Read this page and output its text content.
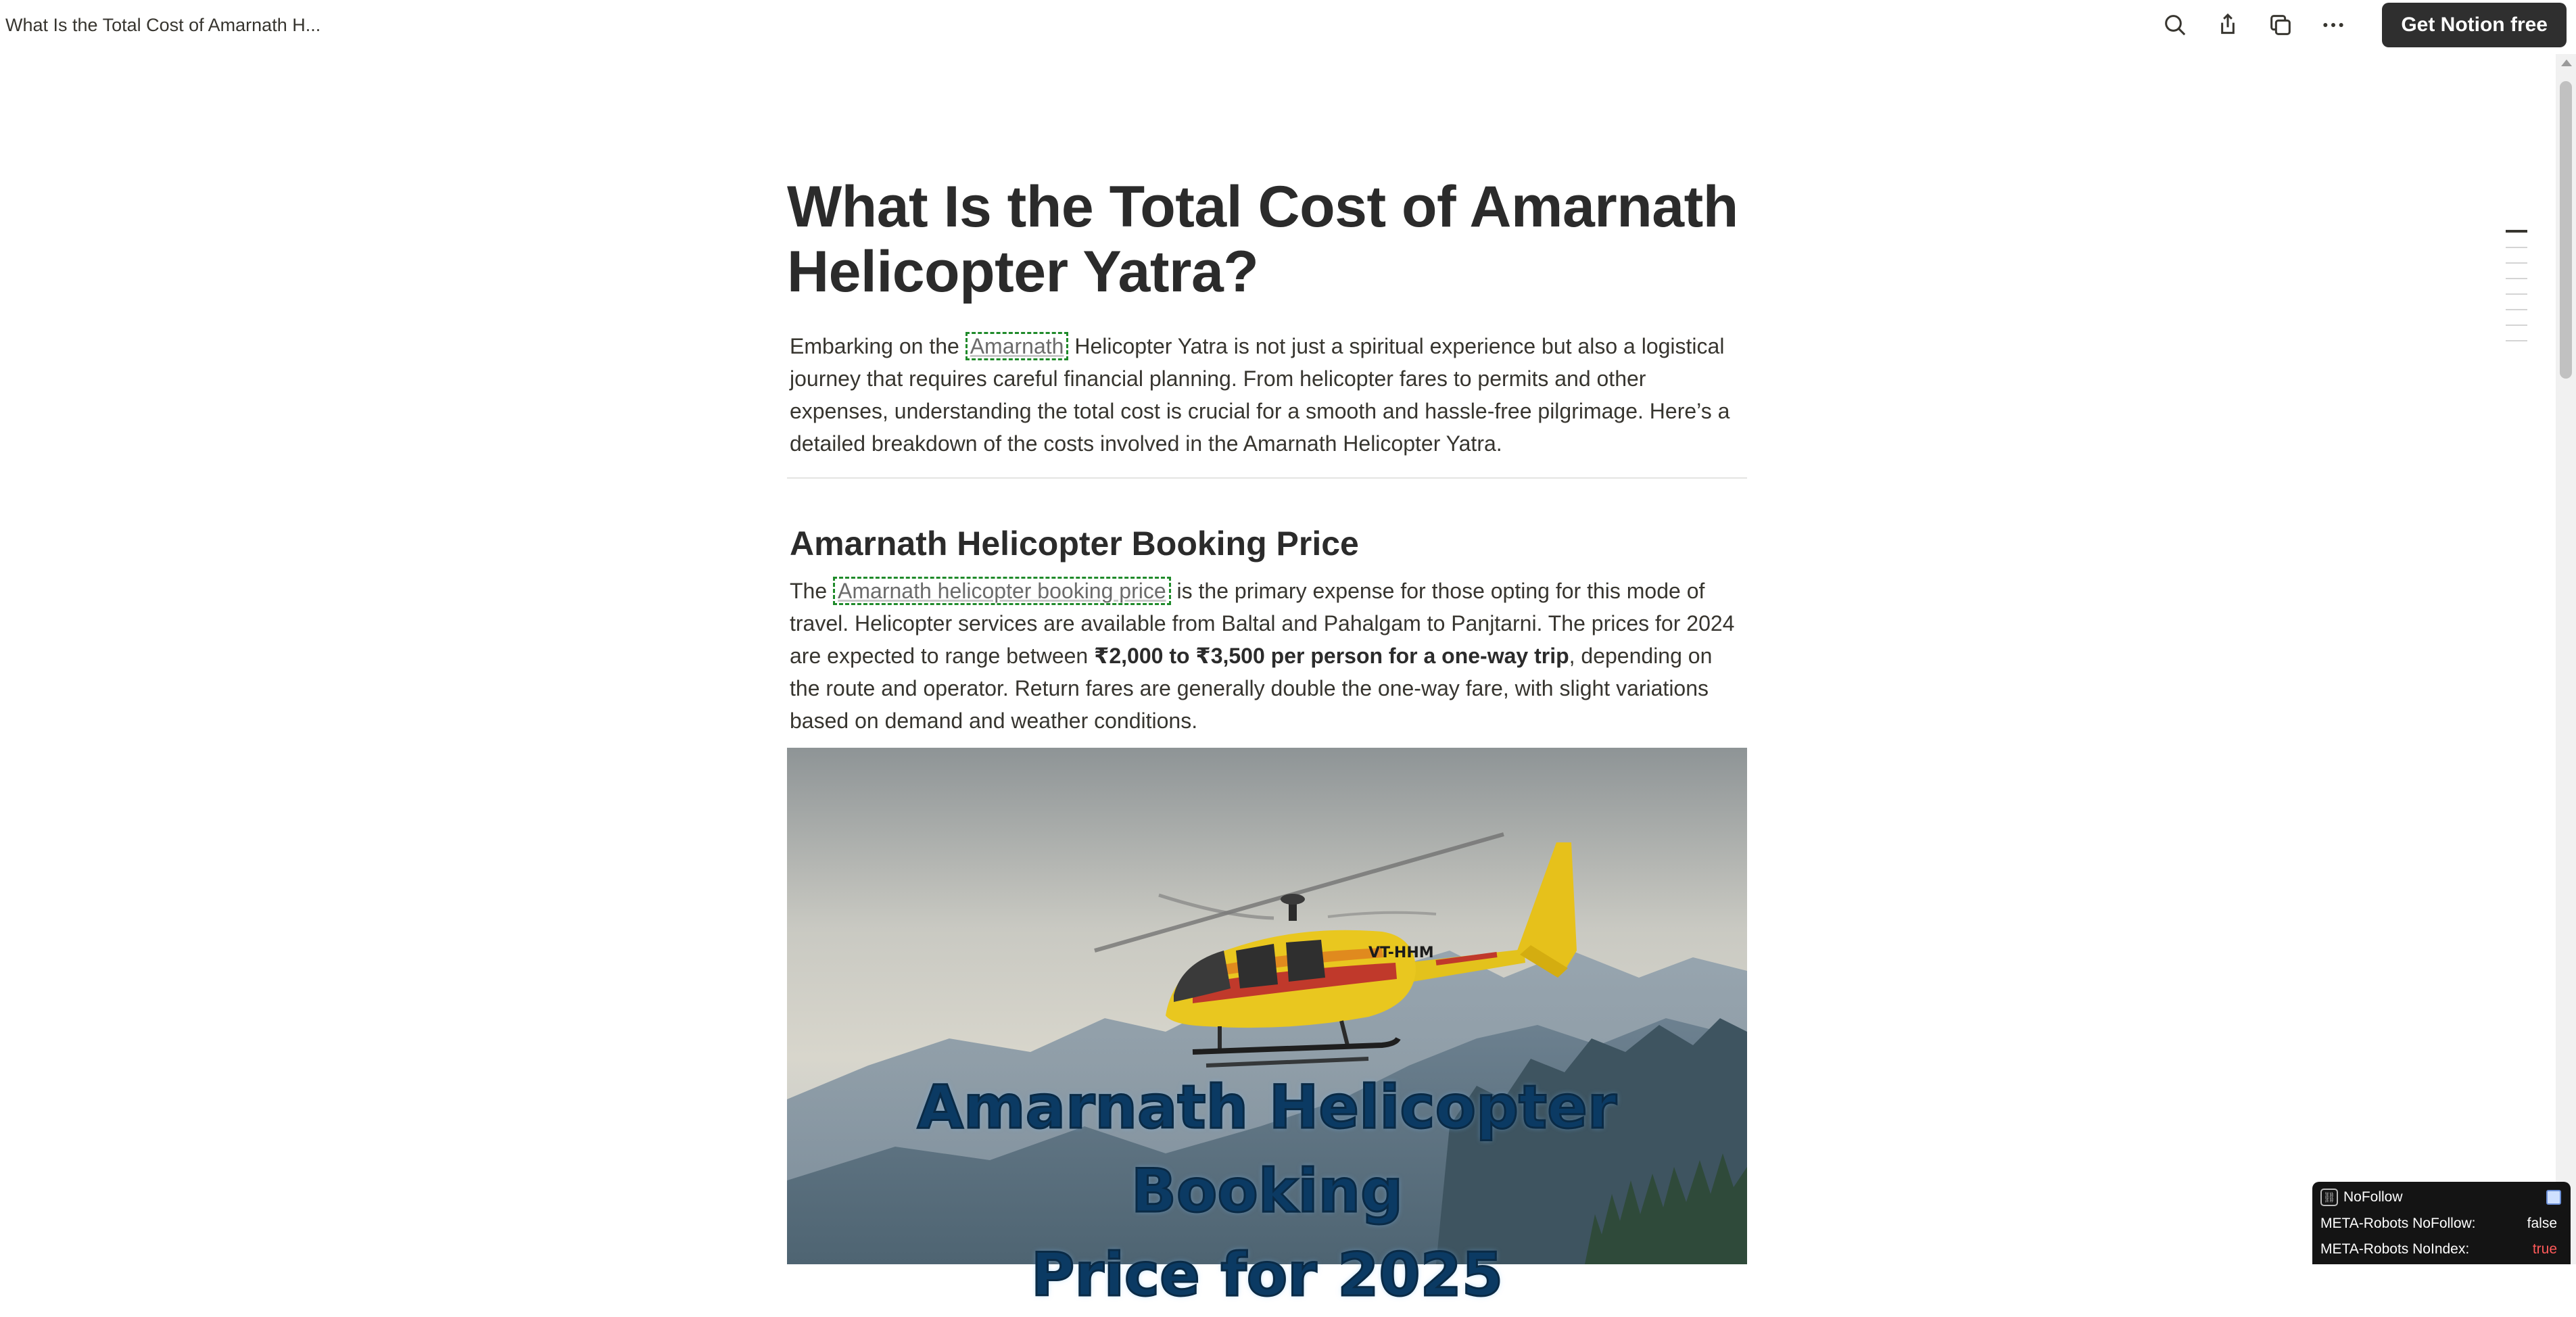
What Is the Total Cost of Amarnath H...	Get Notion free
What Is the Total Cost of Amarnath Helicopter Yatra?

Embarking on the Amarnath Helicopter Yatra is not just a spiritual experience but also a logistical journey that requires careful financial planning. From helicopter fares to permits and other expenses, understanding the total cost is crucial for a smooth and hassle-free pilgrimage. Here’s a detailed breakdown of the costs involved in the Amarnath Helicopter Yatra.

Amarnath Helicopter Booking Price

The Amarnath helicopter booking price is the primary expense for those opting for this mode of travel. Helicopter services are available from Baltal and Pahalgam to Panjtarni. The prices for 2024 are expected to range between ₹2,000 to ₹3,500 per person for a one-way trip, depending on the route and operator. Return fares are generally double the one-way fare, with slight variations based on demand and weather conditions.

VT-HHM
Amarnath Helicopter Booking
Price for 2025
⛓ NoFollow
META-Robots NoFollow:	false
META-Robots NoIndex:	true
